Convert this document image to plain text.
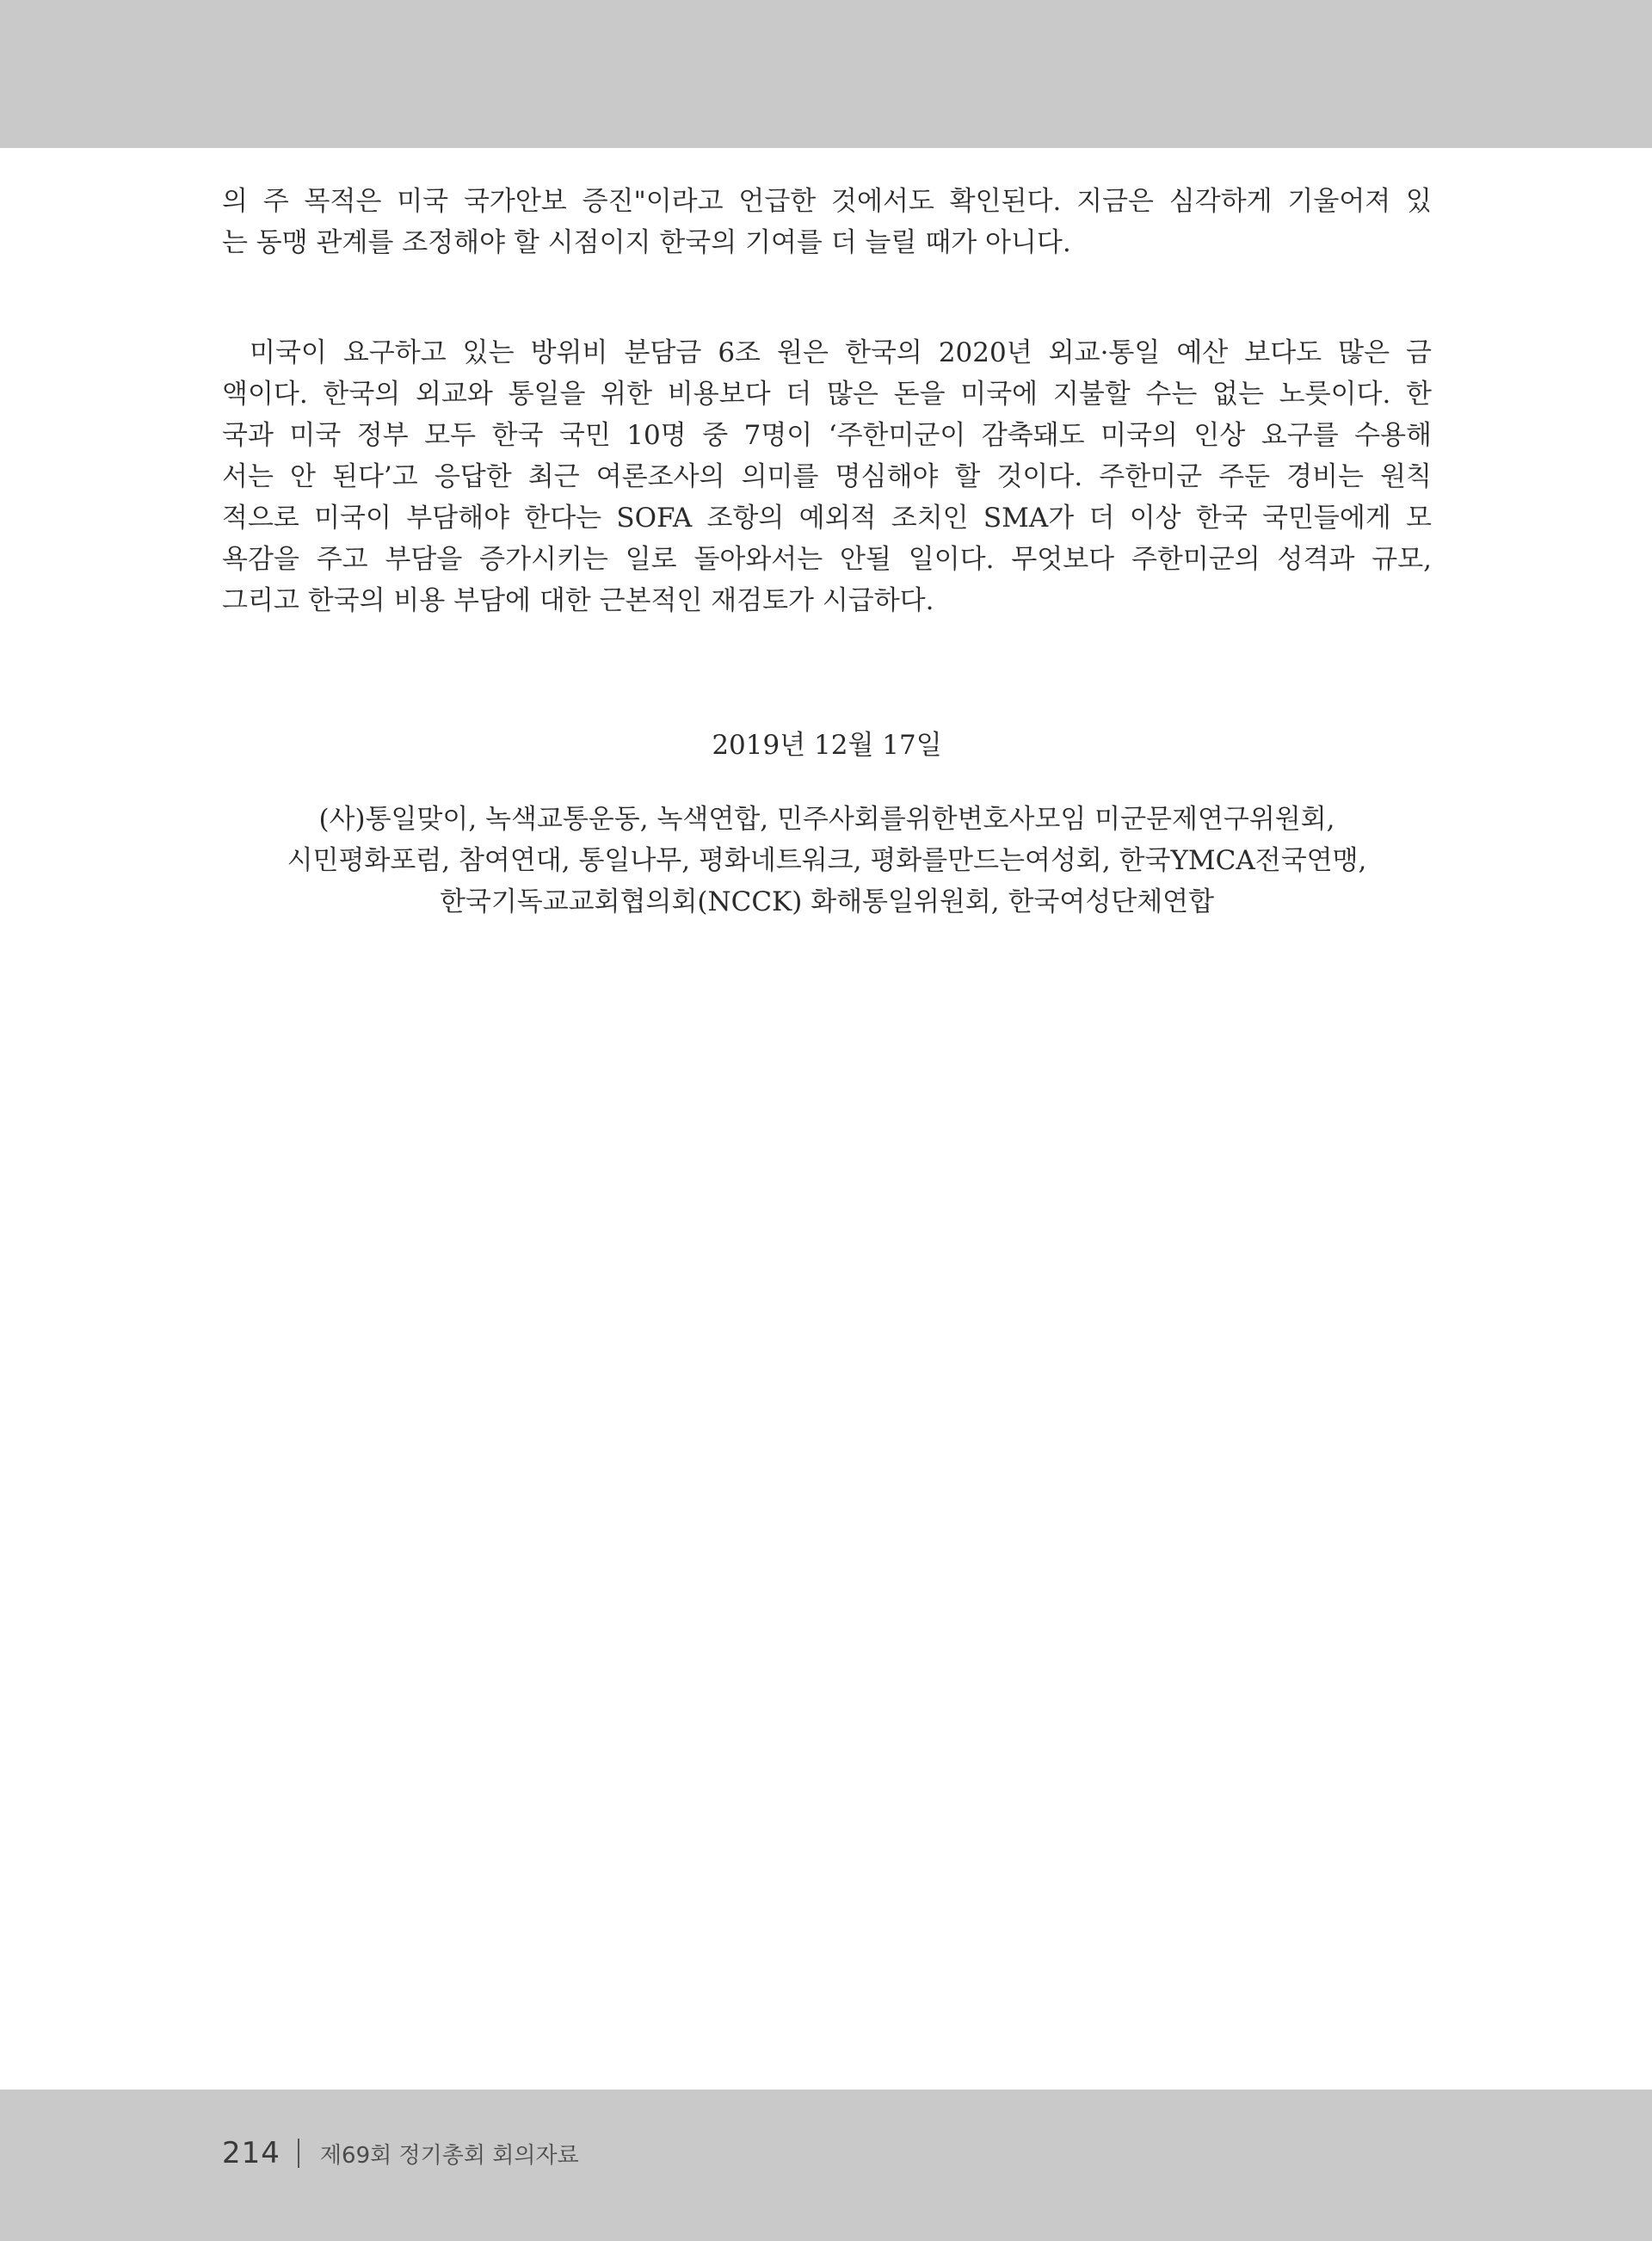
의 주 목적은 미국 국가안보 증진"이라고 언급한 것에서도 확인된다. 지금은 심각하게 기울어져 있
는 동맹 관계를 조정해야 할 시점이지 한국의 기여를 더 늘릴 때가 아니다.

미국이 요구하고 있는 방위비 분담금 6조 원은 한국의 2020년 외교·통일 예산 보다도 많은 금
액이다. 한국의 외교와 통일을 위한 비용보다 더 많은 돈을 미국에 지불할 수는 없는 노릇이다. 한
국과 미국 정부 모두 한국 국민 10명 중 7명이 ‘주한미군이 감축돼도 미국의 인상 요구를 수용해
서는 안 된다’고 응답한 최근 여론조사의 의미를 명심해야 할 것이다. 주한미군 주둔 경비는 원칙
적으로 미국이 부담해야 한다는 SOFA 조항의 예외적 조치인 SMA가 더 이상 한국 국민들에게 모
욕감을 주고 부담을 증가시키는 일로 돌아와서는 안될 일이다. 무엇보다 주한미군의 성격과 규모,
그리고 한국의 비용 부담에 대한 근본적인 재검토가 시급하다.

2019년 12월 17일
(사)통일맞이, 녹색교통운동, 녹색연합, 민주사회를위한변호사모임 미군문제연구위원회,
시민평화포럼, 참여연대, 통일나무, 평화네트워크, 평화를만드는여성회, 한국YMCA전국연맹,
한국기독교교회협의회(NCCK) 화해통일위원회, 한국여성단체연합
214 제69회 정기총회 회의자료
